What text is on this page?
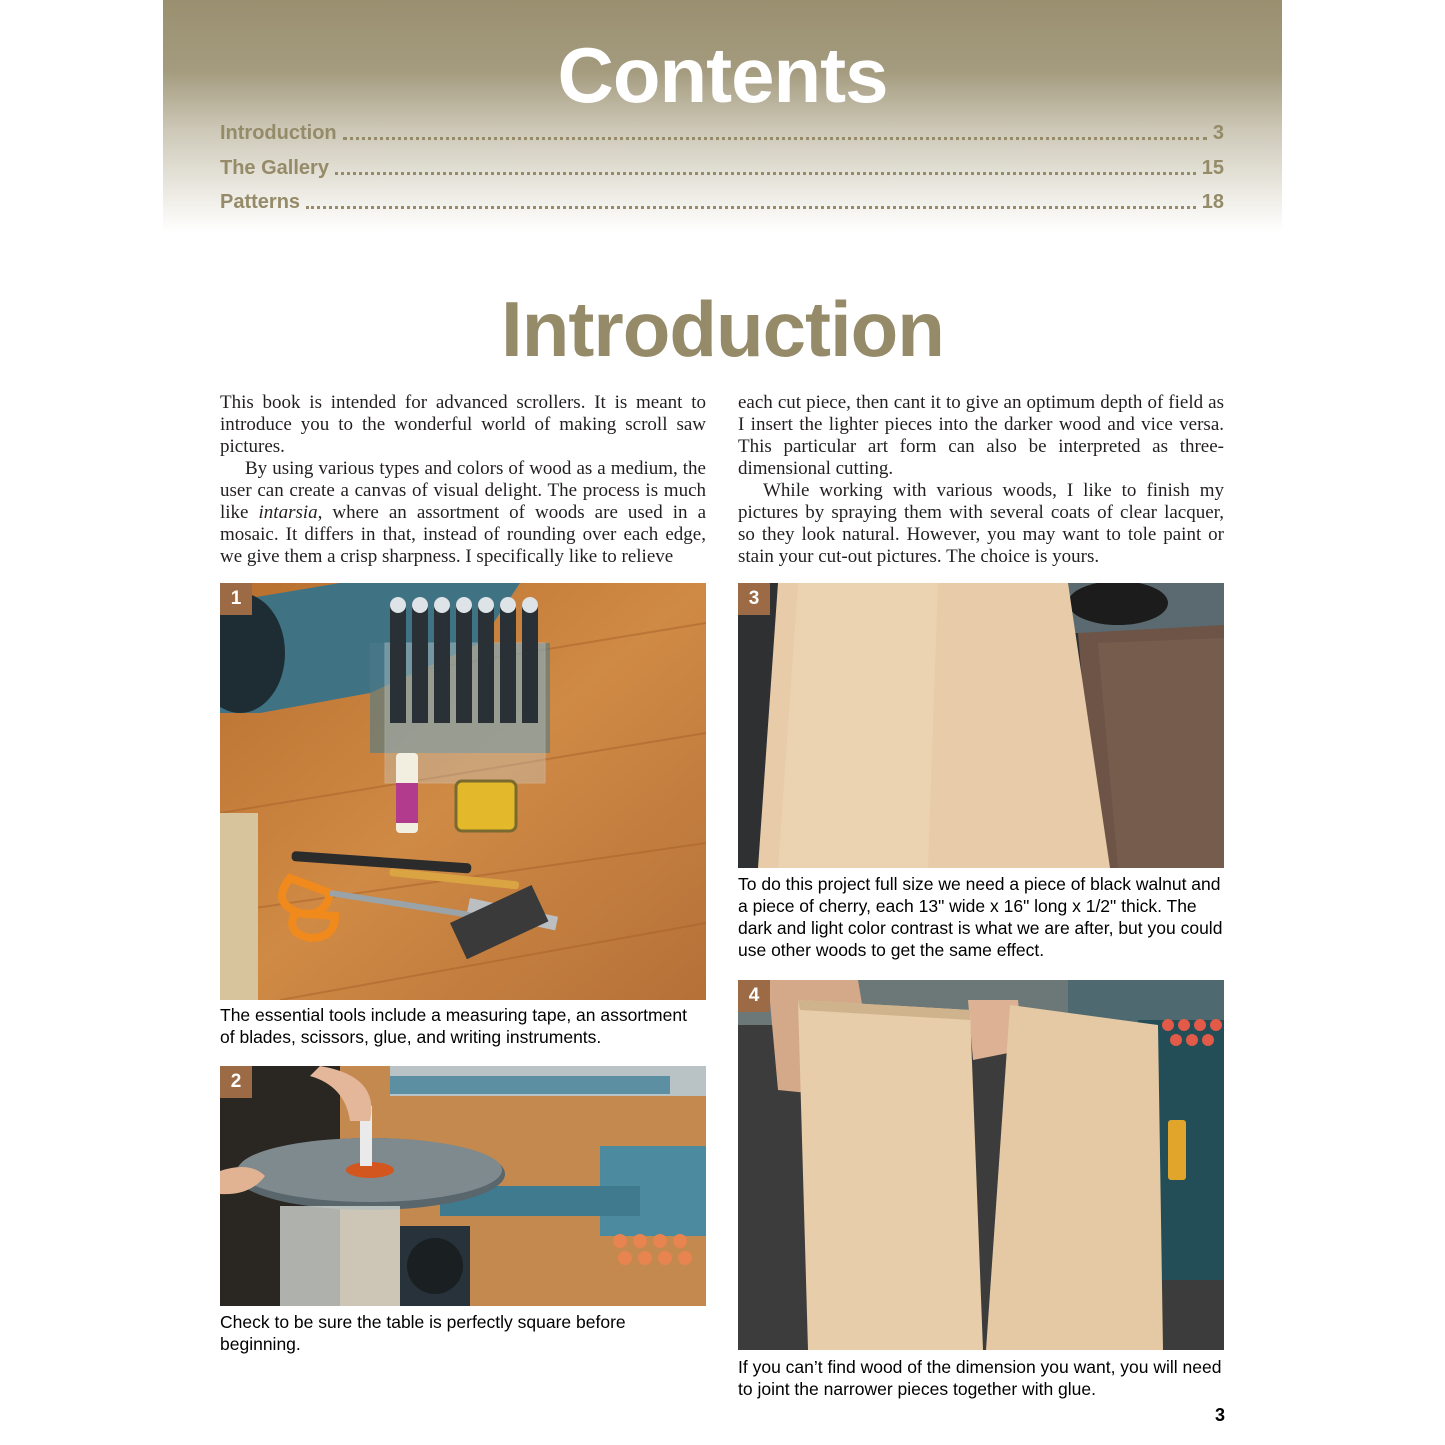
Contents
Introduction	3
The Gallery	15
Patterns	18
Introduction

This book is intended for advanced scrollers. It is meant to introduce you to the wonderful world of making scroll saw pictures.

By using various types and colors of wood as a medium, the user can create a canvas of visual delight. The process is much like intarsia, where an assortment of woods are used in a mosaic. It differs in that, instead of rounding over each edge, we give them a crisp sharpness. I specifically like to relieve

each cut piece, then cant it to give an optimum depth of field as I insert the lighter pieces into the darker wood and vice versa. This particular art form can also be interpreted as three-dimensional cutting.

While working with various woods, I like to finish my pictures by spraying them with several coats of clear lacquer, so they look natural. However, you may want to tole paint or stain your cut-out pictures. The choice is yours.

1
The essential tools include a measuring tape, an assortment of blades, scissors, glue, and writing instruments.
2
Check to be sure the table is perfectly square before beginning.
3
To do this project full size we need a piece of black walnut and a piece of cherry, each 13" wide x 16" long x 1/2" thick. The dark and light color contrast is what we are after, but you could use other woods to get the same effect.
4
If you can’t find wood of the dimension you want, you will need to joint the narrower pieces together with glue.
3
